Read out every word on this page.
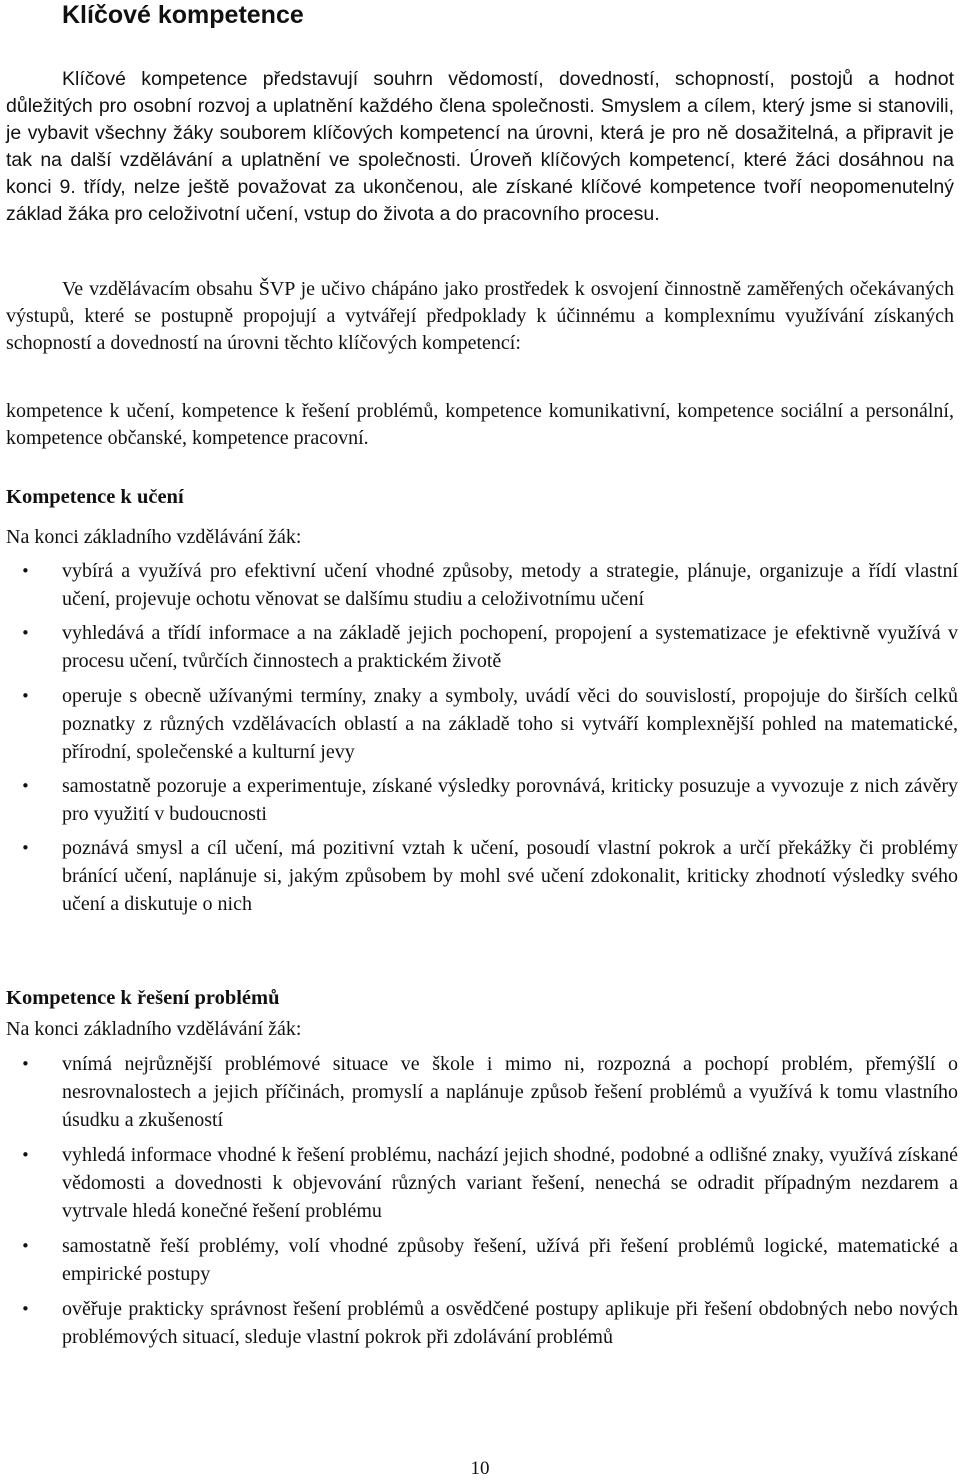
Klíčové kompetence
Klíčové kompetence představují souhrn vědomostí, dovedností, schopností, postojů a hodnot důležitých pro osobní rozvoj a uplatnění každého člena společnosti. Smyslem a cílem, který jsme si stanovili, je vybavit všechny žáky souborem klíčových kompetencí na úrovni, která je pro ně dosažitelná, a připravit je tak na další vzdělávání a uplatnění ve společnosti. Úroveň klíčových kompetencí, které žáci dosáhnou na konci 9. třídy, nelze ještě považovat za ukončenou, ale získané klíčové kompetence tvoří neopomenutelný základ žáka pro celoživotní učení, vstup do života a do pracovního procesu.
Ve vzdělávacím obsahu ŠVP je učivo chápáno jako prostředek k osvojení činnostně zaměřených očekávaných výstupů, které se postupně propojují a vytvářejí předpoklady k účinnému a komplexnímu využívání získaných schopností a dovedností na úrovni těchto klíčových kompetencí:
kompetence k učení, kompetence k řešení problémů, kompetence komunikativní, kompetence sociální a personální, kompetence občanské, kompetence pracovní.
Kompetence k učení
Na konci základního vzdělávání žák:
• vybírá a využívá pro efektivní učení vhodné způsoby, metody a strategie, plánuje, organizuje a řídí vlastní učení, projevuje ochotu věnovat se dalšímu studiu a celoživotnímu učení
• vyhledává a třídí informace a na základě jejich pochopení, propojení a systematizace je efektivně využívá v procesu učení, tvůrčích činnostech a praktickém životě
• operuje s obecně užívanými termíny, znaky a symboly, uvádí věci do souvislostí, propojuje do širších celků poznatky z různých vzdělávacích oblastí a na základě toho si vytváří komplexnější pohled na matematické, přírodní, společenské a kulturní jevy
• samostatně pozoruje a experimentuje, získané výsledky porovnává, kriticky posuzuje a vyvozuje z nich závěry pro využití v budoucnosti
• poznává smysl a cíl učení, má pozitivní vztah k učení, posoudí vlastní pokrok a určí překážky či problémy bránící učení, naplánuje si, jakým způsobem by mohl své učení zdokonalit, kriticky zhodnotí výsledky svého učení a diskutuje o nich
Kompetence k řešení problémů
Na konci základního vzdělávání žák:
• vnímá nejrůznější problémové situace ve škole i mimo ni, rozpozná a pochopí problém, přemýšlí o nesrovnalostech a jejich příčinách, promyslí a naplánuje způsob řešení problémů a využívá k tomu vlastního úsudku a zkušeností
• vyhledá informace vhodné k řešení problému, nachází jejich shodné, podobné a odlišné znaky, využívá získané vědomosti a dovednosti k objevování různých variant řešení, nenechá se odradit případným nezdarem a vytrvale hledá konečné řešení problému
• samostatně řeší problémy, volí vhodné způsoby řešení, užívá při řešení problémů logické, matematické a empirické postupy
• ověřuje prakticky správnost řešení problémů a osvědčené postupy aplikuje při řešení obdobných nebo nových problémových situací, sleduje vlastní pokrok při zdolávání problémů
10
